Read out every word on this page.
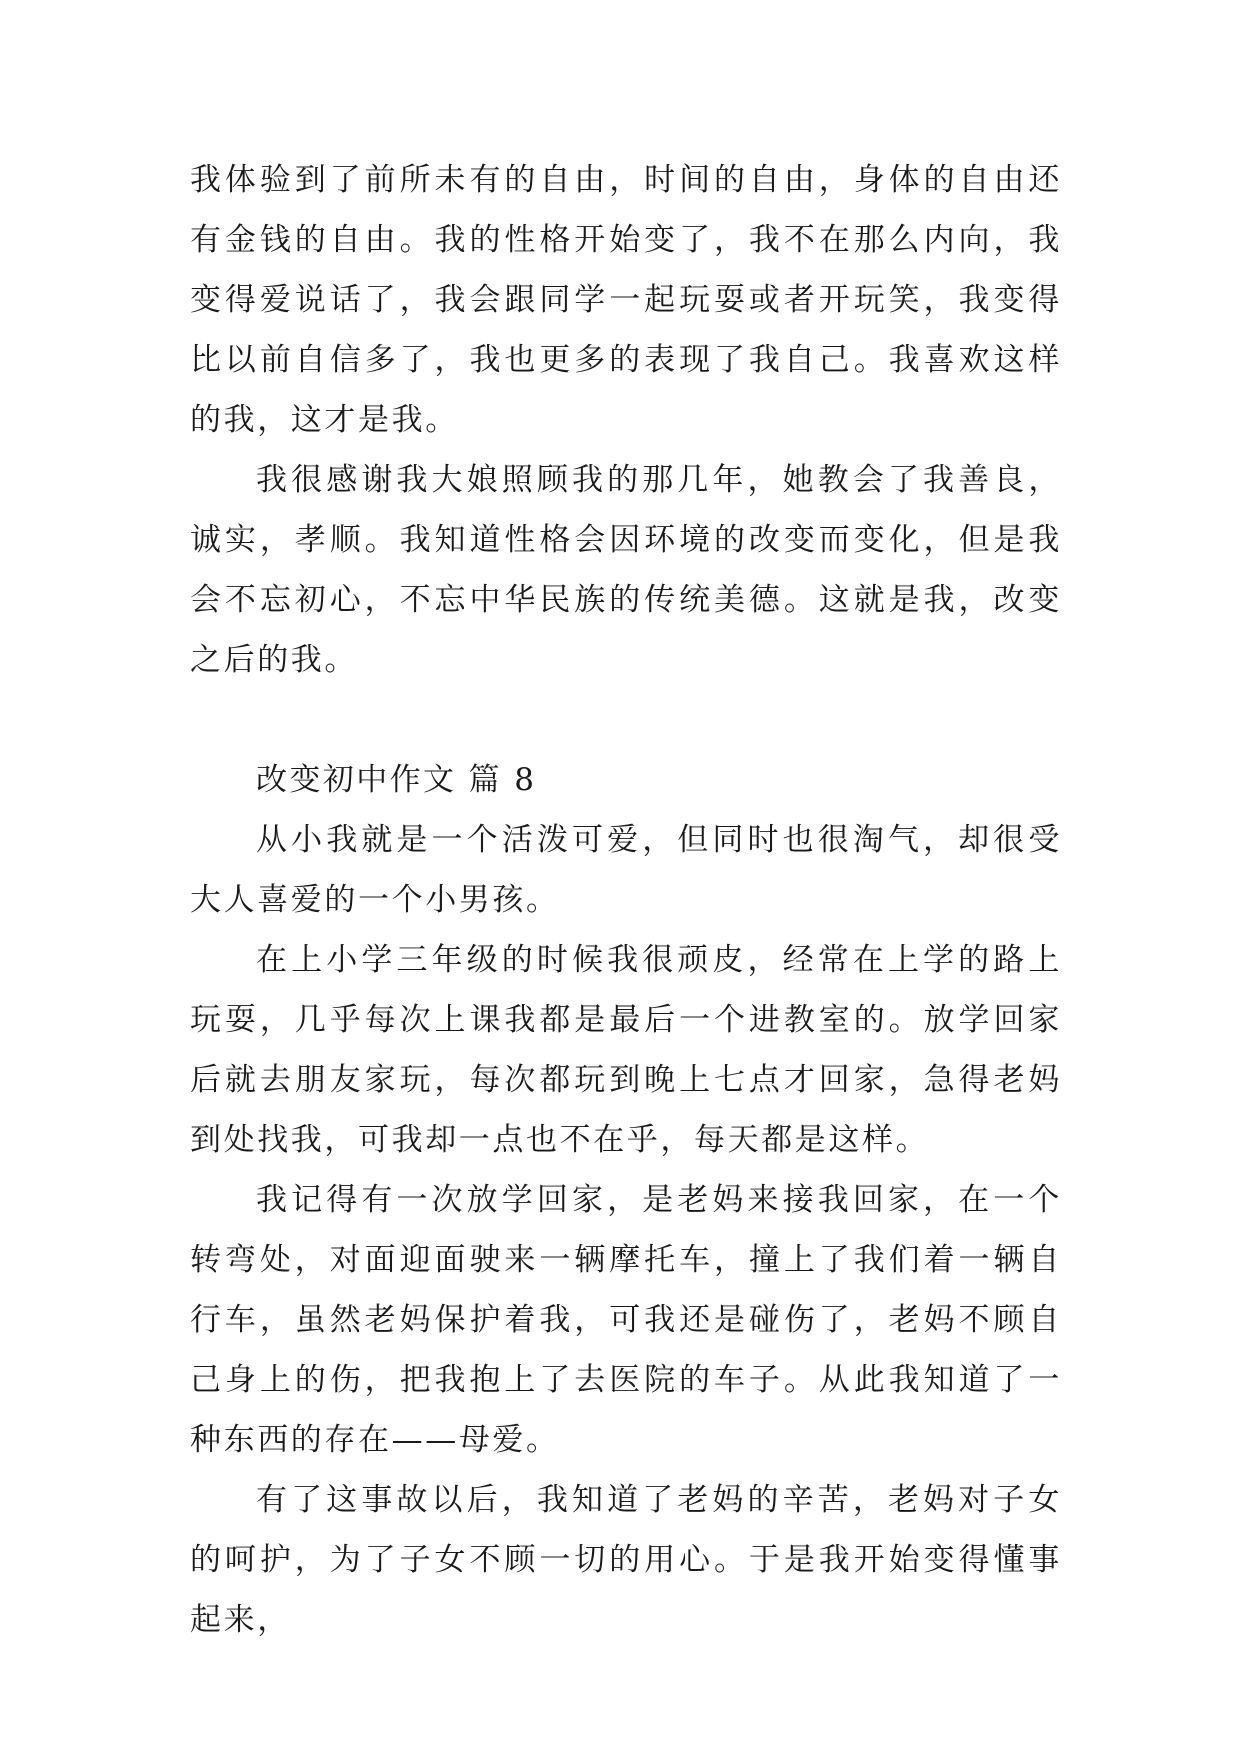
我体验到了前所未有的自由，时间的自由，身体的自由还有金钱的自由。我的性格开始变了，我不在那么内向，我变得爱说话了，我会跟同学一起玩耍或者开玩笑，我变得比以前自信多了，我也更多的表现了我自己。我喜欢这样的我，这才是我。

我很感谢我大娘照顾我的那几年，她教会了我善良，诚实，孝顺。我知道性格会因环境的改变而变化，但是我会不忘初心，不忘中华民族的传统美德。这就是我，改变之后的我。

改变初中作文 篇 8

从小我就是一个活泼可爱，但同时也很淘气，却很受大人喜爱的一个小男孩。

在上小学三年级的时候我很顽皮，经常在上学的路上玩耍，几乎每次上课我都是最后一个进教室的。放学回家后就去朋友家玩，每次都玩到晚上七点才回家，急得老妈到处找我，可我却一点也不在乎，每天都是这样。

我记得有一次放学回家，是老妈来接我回家，在一个转弯处，对面迎面驶来一辆摩托车，撞上了我们着一辆自行车，虽然老妈保护着我，可我还是碰伤了，老妈不顾自己身上的伤，把我抱上了去医院的车子。从此我知道了一种东西的存在——母爱。

有了这事故以后，我知道了老妈的辛苦，老妈对子女的呵护，为了子女不顾一切的用心。于是我开始变得懂事起来，
